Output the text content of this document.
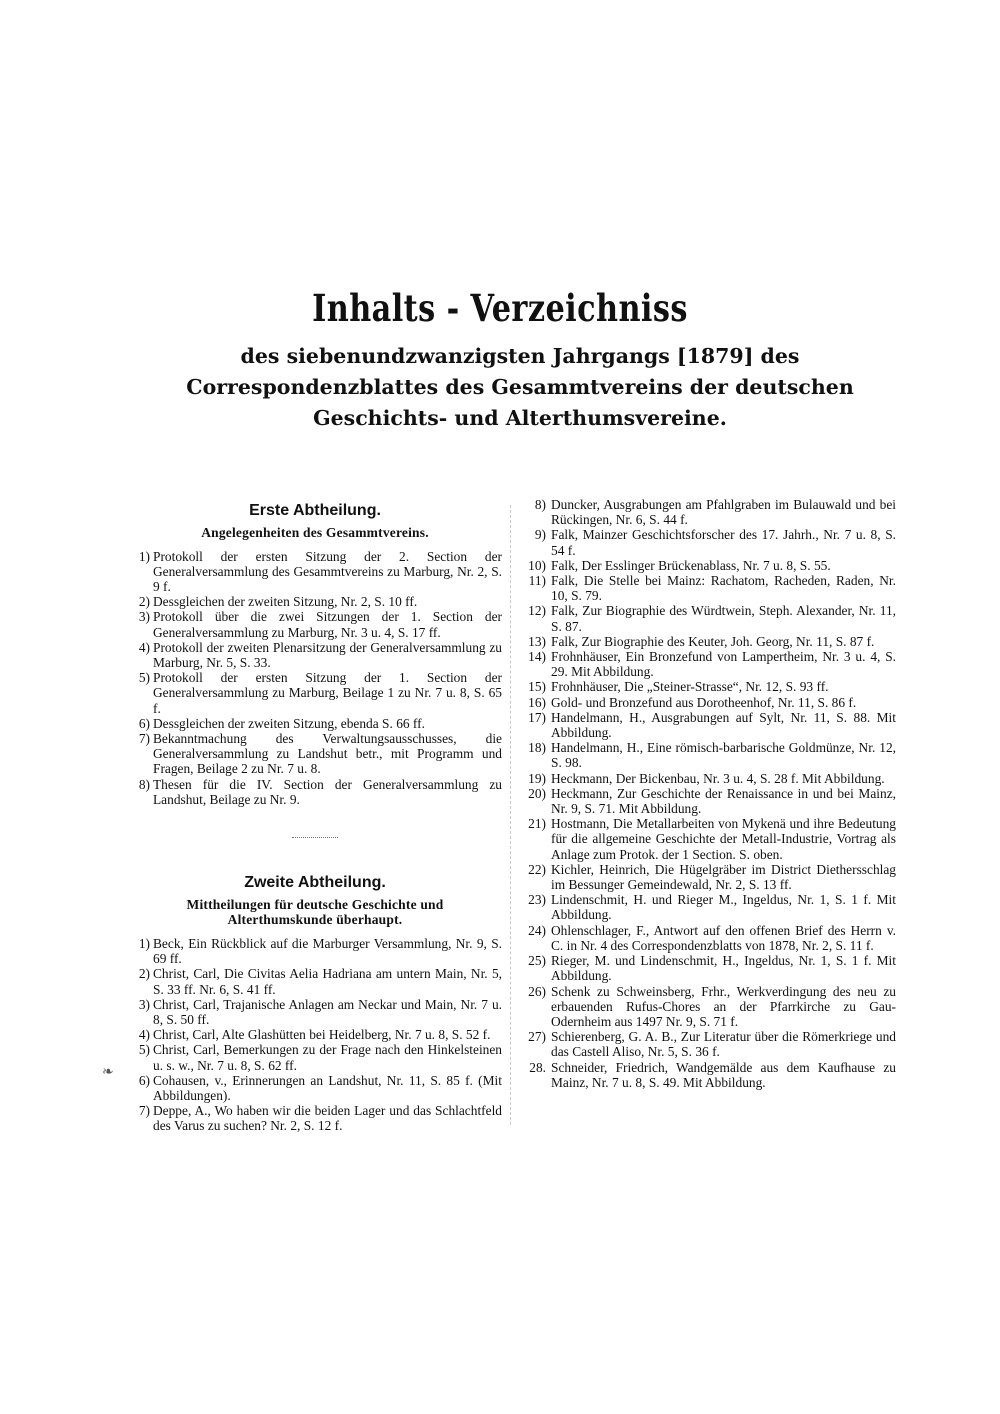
Inhalts - Verzeichniss
des siebenundzwanzigsten Jahrgangs [1879] des Correspondenzblattes des Gesammtvereins der deutschen Geschichts- und Alterthumsvereine.
❧
Erste Abtheilung.
Angelegenheiten des Gesammtvereins.
1) Protokoll der ersten Sitzung der 2. Section der Generalversammlung des Gesammtvereins zu Marburg, Nr. 2, S. 9 f.
2) Dessgleichen der zweiten Sitzung, Nr. 2, S. 10 ff.
3) Protokoll über die zwei Sitzungen der 1. Section der Generalversammlung zu Marburg, Nr. 3 u. 4, S. 17 ff.
4) Protokoll der zweiten Plenarsitzung der Generalversammlung zu Marburg, Nr. 5, S. 33.
5) Protokoll der ersten Sitzung der 1. Section der Generalversammlung zu Marburg, Beilage 1 zu Nr. 7 u. 8, S. 65 f.
6) Dessgleichen der zweiten Sitzung, ebenda S. 66 ff.
7) Bekanntmachung des Verwaltungsausschusses, die Generalversammlung zu Landshut betr., mit Programm und Fragen, Beilage 2 zu Nr. 7 u. 8.
8) Thesen für die IV. Section der Generalversammlung zu Landshut, Beilage zu Nr. 9.
Zweite Abtheilung.
Mittheilungen für deutsche Geschichte und Alterthumskunde überhaupt.
1) Beck, Ein Rückblick auf die Marburger Versammlung, Nr. 9, S. 69 ff.
2) Christ, Carl, Die Civitas Aelia Hadriana am untern Main, Nr. 5, S. 33 ff. Nr. 6, S. 41 ff.
3) Christ, Carl, Trajanische Anlagen am Neckar und Main, Nr. 7 u. 8, S. 50 ff.
4) Christ, Carl, Alte Glashütten bei Heidelberg, Nr. 7 u. 8, S. 52 f.
5) Christ, Carl, Bemerkungen zu der Frage nach den Hinkelsteinen u. s. w., Nr. 7 u. 8, S. 62 ff.
6) Cohausen, v., Erinnerungen an Landshut, Nr. 11, S. 85 f. (Mit Abbildungen).
7) Deppe, A., Wo haben wir die beiden Lager und das Schlachtfeld des Varus zu suchen? Nr. 2, S. 12 f.
8) Duncker, Ausgrabungen am Pfahlgraben im Bulauwald und bei Rückingen, Nr. 6, S. 44 f.
9) Falk, Mainzer Geschichtsforscher des 17. Jahrh., Nr. 7 u. 8, S. 54 f.
10) Falk, Der Esslinger Brückenablass, Nr. 7 u. 8, S. 55.
11) Falk, Die Stelle bei Mainz: Rachatom, Racheden, Raden, Nr. 10, S. 79.
12) Falk, Zur Biographie des Würdtwein, Steph. Alexander, Nr. 11, S. 87.
13) Falk, Zur Biographie des Keuter, Joh. Georg, Nr. 11, S. 87 f.
14) Frohnhäuser, Ein Bronzefund von Lampertheim, Nr. 3 u. 4, S. 29. Mit Abbildung.
15) Frohnhäuser, Die „Steiner-Strasse“, Nr. 12, S. 93 ff.
16) Gold- und Bronzefund aus Dorotheenhof, Nr. 11, S. 86 f.
17) Handelmann, H., Ausgrabungen auf Sylt, Nr. 11, S. 88. Mit Abbildung.
18) Handelmann, H., Eine römisch-barbarische Goldmünze, Nr. 12, S. 98.
19) Heckmann, Der Bickenbau, Nr. 3 u. 4, S. 28 f. Mit Abbildung.
20) Heckmann, Zur Geschichte der Renaissance in und bei Mainz, Nr. 9, S. 71. Mit Abbildung.
21) Hostmann, Die Metallarbeiten von Mykenä und ihre Bedeutung für die allgemeine Geschichte der Metall-Industrie, Vortrag als Anlage zum Protok. der 1 Section. S. oben.
22) Kichler, Heinrich, Die Hügelgräber im District Diethersschlag im Bessunger Gemeindewald, Nr. 2, S. 13 ff.
23) Lindenschmit, H. und Rieger M., Ingeldus, Nr. 1, S. 1 f. Mit Abbildung.
24) Ohlenschlager, F., Antwort auf den offenen Brief des Herrn v. C. in Nr. 4 des Correspondenzblatts von 1878, Nr. 2, S. 11 f.
25) Rieger, M. und Lindenschmit, H., Ingeldus, Nr. 1, S. 1 f. Mit Abbildung.
26) Schenk zu Schweinsberg, Frhr., Werkverdingung des neu zu erbauenden Rufus-Chores an der Pfarrkirche zu Gau-Odernheim aus 1497 Nr. 9, S. 71 f.
27) Schierenberg, G. A. B., Zur Literatur über die Römerkriege und das Castell Aliso, Nr. 5, S. 36 f.
28. Schneider, Friedrich, Wandgemälde aus dem Kaufhause zu Mainz, Nr. 7 u. 8, S. 49. Mit Abbildung.
